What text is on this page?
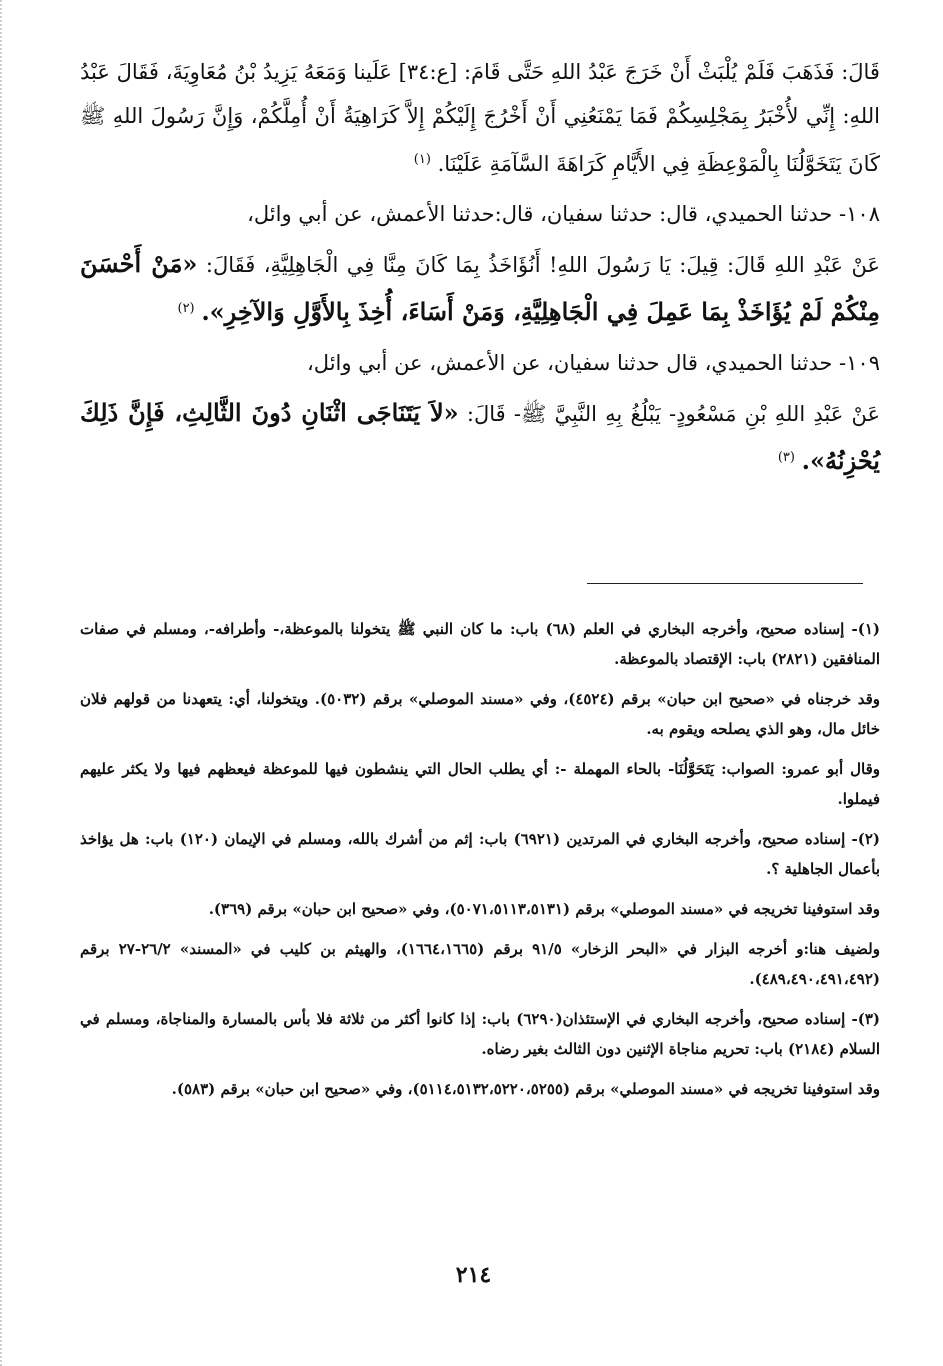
قَالَ: فَذَهَبَ فَلَمْ يُلْبَثْ أَنْ خَرَجَ عَبْدُ اللهِ حَتَّى قَامَ: [ع:٣٤] عَلَينا وَمَعَهُ يَزِيدُ بْنُ مُعَاوِيَةَ، فَقَالَ عَبْدُ اللهِ: إِنِّي لأُخْبَرُ بِمَجْلِسِكُمْ فَمَا يَمْنَعُنِي أَنْ أَخْرُجَ إِلَيْكُمْ إِلاَّ كَرَاهِيَةُ أَنْ أُمِلَّكُمْ، وَإِنَّ رَسُولَ اللهِ ﷺ كَانَ يَتَخَوَّلُنَا بِالْمَوْعِظَةِ فِي الأَيَّامِ كَرَاهَةَ السَّآمَةِ عَلَيْنَا. $^{(١)}$

١٠٨- حدثنا الحميدي، قال: حدثنا سفيان، قال:حدثنا الأعمش، عن أبي وائل،

عَنْ عَبْدِ اللهِ قَالَ: قِيلَ: يَا رَسُولَ اللهِ! أَنُؤَاخَذُ بِمَا كَانَ مِنَّا فِي الْجَاهِلِيَّةِ، فَقَالَ: «مَنْ أَحْسَنَ مِنْكُمْ لَمْ يُؤَاخَذْ بِمَا عَمِلَ فِي الْجَاهِلِيَّةِ، وَمَنْ أَسَاءَ، أُخِذَ بِالأَوَّلِ وَالآخِرِ». $^{(٢)}$

١٠٩- حدثنا الحميدي، قال حدثنا سفيان، عن الأعمش، عن أبي وائل،

عَنْ عَبْدِ اللهِ بْنِ مَسْعُودٍ- يَبْلُغُ بِهِ النَّبِيَّ ﷺ- قَالَ: «لاَ يَتَنَاجَى اثْنَانِ دُونَ الثَّالِثِ، فَإِنَّ ذَلِكَ يُحْزِنُهُ». $^{(٣)}$

(١)- إسناده صحيح، وأخرجه البخاري في العلم (٦٨) باب: ما كان النبي ﷺ يتخولنا بالموعظة،- وأطرافه-، ومسلم في صفات المنافقين (٢٨٢١) باب: الإقتصاد بالموعظة.

وقد خرجناه في «صحيح ابن حبان» برقم (٤٥٢٤)، وفي «مسند الموصلي» برقم (٥٠٣٢). ويتخولنا، أي: يتعهدنا من قولهم فلان خائل مال، وهو الذي يصلحه ويقوم به.

وقال أبو عمرو: الصواب: يَتَحَوَّلُنَا- بالحاء المهملة -: أي يطلب الحال التي ينشطون فيها للموعظة فيعظهم فيها ولا يكثر عليهم فيملوا.

(٢)- إسناده صحيح، وأخرجه البخاري في المرتدين (٦٩٢١) باب: إثم من أشرك بالله، ومسلم في الإيمان (١٢٠) باب: هل يؤاخذ بأعمال الجاهلية ؟.

وقد استوفينا تخريجه في «مسند الموصلي» برقم (٥٠٧١،٥١١٣،٥١٣١)، وفي «صحيح ابن حبان» برقم (٣٦٩).

ولضيف هنا:و أخرجه البزار في «البحر الزخار» ٩١/٥ برقم (١٦٦٤،١٦٦٥)، والهيثم بن كليب في «المسند» ٢٦/٢-٢٧ برقم (٤٨٩،٤٩٠،٤٩١،٤٩٢).

(٣)- إسناده صحيح، وأخرجه البخاري في الإستئذان(٦٢٩٠) باب: إذا كانوا أكثر من ثلاثة فلا بأس بالمسارة والمناجاة، ومسلم في السلام (٢١٨٤) باب: تحريم مناجاة الإثنين دون الثالث بغير رضاه.

وقد استوفينا تخريجه في «مسند الموصلي» برقم (٥١١٤،٥١٣٢،٥٢٢٠،٥٢٥٥)، وفي «صحيح ابن حبان» برقم (٥٨٣).

٢١٤
